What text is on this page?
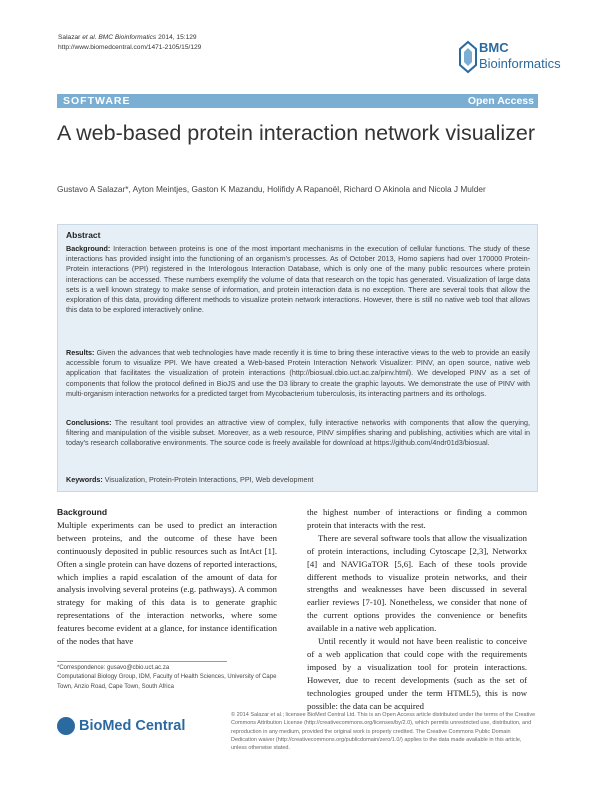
Salazar et al. BMC Bioinformatics 2014, 15:129
http://www.biomedcentral.com/1471-2105/15/129	BMC
Bioinformatics
SOFTWARE	Open Access
A web-based protein interaction network visualizer
Gustavo A Salazar*, Ayton Meintjes, Gaston K Mazandu, Holifidy A Rapanoël, Richard O Akinola and Nicola J Mulder
Abstract

Background: Interaction between proteins is one of the most important mechanisms in the execution of cellular functions. The study of these interactions has provided insight into the functioning of an organism's processes. As of October 2013, Homo sapiens had over 170000 Protein-Protein interactions (PPI) registered in the Interologous Interaction Database, which is only one of the many public resources where protein interactions can be accessed. These numbers exemplify the volume of data that research on the topic has generated. Visualization of large data sets is a well known strategy to make sense of information, and protein interaction data is no exception. There are several tools that allow the exploration of this data, providing different methods to visualize protein network interactions. However, there is still no native web tool that allows this data to be explored interactively online.

Results: Given the advances that web technologies have made recently it is time to bring these interactive views to the web to provide an easily accessible forum to visualize PPI. We have created a Web-based Protein Interaction Network Visualizer: PINV, an open source, native web application that facilitates the visualization of protein interactions (http://biosual.cbio.uct.ac.za/pinv.html). We developed PINV as a set of components that follow the protocol defined in BioJS and use the D3 library to create the graphic layouts. We demonstrate the use of PINV with multi-organism interaction networks for a predicted target from Mycobacterium tuberculosis, its interacting partners and its orthologs.

Conclusions: The resultant tool provides an attractive view of complex, fully interactive networks with components that allow the querying, filtering and manipulation of the visible subset. Moreover, as a web resource, PINV simplifies sharing and publishing, activities which are vital in today's research collaborative environments. The source code is freely available for download at https://github.com/4ndr01d3/biosual.

Keywords: Visualization, Protein-Protein Interactions, PPI, Web development

Background

Multiple experiments can be used to predict an interaction between proteins, and the outcome of these have been continuously deposited in public resources such as IntAct [1]. Often a single protein can have dozens of reported interactions, which implies a rapid escalation of the amount of data for analysis involving several proteins (e.g. pathways). A common strategy for making of this data is to generate graphic representations of the interaction networks, where some features become evident at a glance, for instance identification of the nodes that have

the highest number of interactions or finding a common protein that interacts with the rest.

There are several software tools that allow the visualization of protein interactions, including Cytoscape [2,3], Networkx [4] and NAVIGaTOR [5,6]. Each of these tools provide different methods to visualize protein networks, and their strengths and weaknesses have been discussed in several earlier reviews [7-10]. Nonetheless, we consider that none of the current options provides the convenience or benefits available in a native web application.

Until recently it would not have been realistic to conceive of a web application that could cope with the requirements imposed by a visualization tool for protein interactions. However, due to recent developments (such as the set of technologies grouped under the term HTML5), this is now possible: the data can be acquired

*Correspondence: gusavo@cbio.uct.ac.za
Computational Biology Group, IDM, Faculty of Health Sciences, University of Cape Town, Anzio Road, Cape Town, South Africa
BioMed Central
© 2014 Salazar et al.; licensee BioMed Central Ltd. This is an Open Access article distributed under the terms of the Creative Commons Attribution License (http://creativecommons.org/licenses/by/2.0), which permits unrestricted use, distribution, and reproduction in any medium, provided the original work is properly credited. The Creative Commons Public Domain Dedication waiver (http://creativecommons.org/publicdomain/zero/1.0/) applies to the data made available in this article, unless otherwise stated.
